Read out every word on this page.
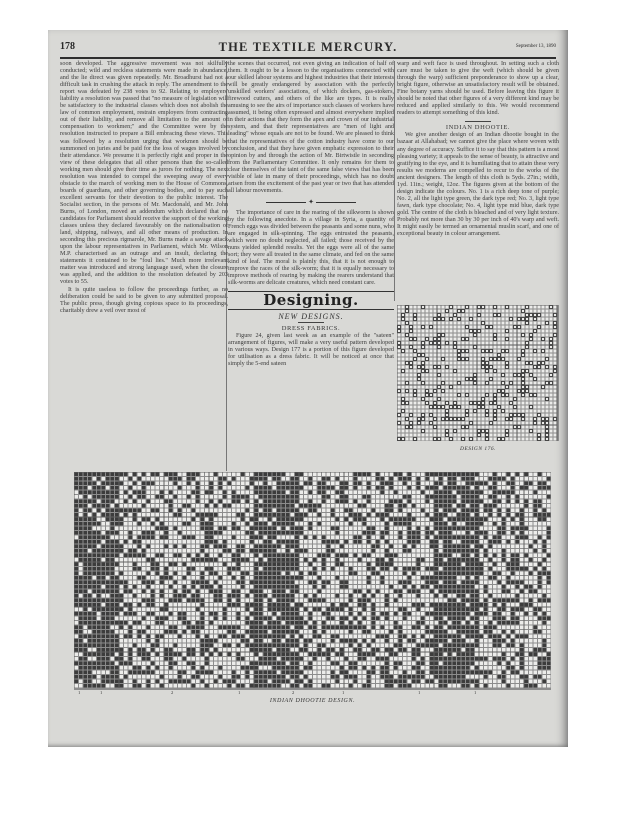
178	THE TEXTILE MERCURY.	September 13, 1890

soon developed. The aggressive movement was not skilfully conducted; wild and reckless statements were made in abundance, and the lie direct was given repeatedly. Mr. Broadhurst had not a difficult task in crushing the attack in reply. The amendment to the report was defeated by 238 votes to 92. Relating to employers' liability a resolution was passed that "no measure of legislation will be satisfactory to the industrial classes which does not abolish the law of common employment, restrain employers from contracting out of their liability, and remove all limitation to the amount of compensation to workmen;" and the Committee were by the resolution instructed to prepare a Bill embracing these views. This was followed by a resolution urging that workmen should be summoned on juries and be paid for the loss of wages involved by their attendance. We presume it is perfectly right and proper in the view of these delegates that all other persons than the so-called working men should give their time as jurors for nothing. The next resolution was intended to compel the sweeping away of every obstacle to the march of working men to the House of Commons, boards of guardians, and other governing bodies, and to pay such excellent servants for their devotion to the public interest. The Socialist section, in the persons of Mr. Macdonald, and Mr. John Burns, of London, moved an addendum which declared that no candidates for Parliament should receive the support of the working classes unless they declared favourably on the nationalisation of land, shipping, railways, and all other means of production. In seconding this precious rigmarole, Mr. Burns made a savage attack upon the labour representatives in Parliament, which Mr. Wilson M.P. characterised as an outrage and an insult, declaring the statements it contained to be "foul lies." Much more irrelevant matter was introduced and strong language used, when the closure was applied, and the addition to the resolution defeated by 203 votes to 55.

It is quite useless to follow the proceedings further, as no deliberation could be said to be given to any submitted proposal. The public press, though giving copious space to its proceedings, charitably drew a veil over most of

the scenes that occurred, not even giving an indication of half of them. It ought to be a lesson to the organisations connected with our skilled labour systems and highest industries that their interests will be greatly endangered by association with the perfectly unskilled workers' associations, of which dockers, gas-stokers, firewood cutters, and others of the like are types. It is really amusing to see the airs of importance such classes of workers have assumed, it being often expressed and almost everywhere implied in their actions that they form the apex and crown of our industrial system, and that their representatives are "men of light and leading" whose equals are not to be found. We are pleased to think that the representatives of the cotton industry have come to our conclusion, and that they have given emphatic expression to their opinion by and through the action of Mr. Birtwistle in seconding from the Parliamentary Committee. It only remains for them to clear themselves of the taint of the same false views that has been visible of late in many of their proceedings, which has no doubt arisen from the excitement of the past year or two that has attended all labour movements.

✦

The importance of care in the rearing of the silkworm is shown by the following anecdote. In a village in Syria, a quantity of French eggs was divided between the peasants and some nuns, who are engaged in silk-spinning. The eggs entrusted the peasants, which were no doubt neglected, all failed; those received by the nuns yielded splendid results. Yet the eggs were all of the same sort; they were all treated in the same climate, and fed on the same kind of leaf. The moral is plainly this, that it is not enough to improve the races of the silk-worm; that it is equally necessary to improve methods of rearing by making the rearers understand that silk-worms are delicate creatures, which need constant care.

Designing.
NEW DESIGNS.
DRESS FABRICS.

Figure 24, given last week as an example of the "sateen" arrangement of figures, will make a very useful pattern developed in various ways. Design 177 is a portion of this figure developed for utilisation as a dress fabric. It will be noticed at once that simply the 5-end sateen

warp and weft face is used throughout. In setting such a cloth care must be taken to give the weft (which should be given through the warp) sufficient preponderance to show up a clear, bright figure, otherwise an unsatisfactory result will be obtained. Fine botany yarns should be used. Before leaving this figure it should be noted that other figures of a very different kind may be reduced and applied similarly to this. We would recommend readers to attempt something of this kind.

INDIAN DHOOTIE.

We give another design of an Indian dhootie bought in the bazaar at Allahabad; we cannot give the place where woven with any degree of accuracy. Suffice it to say that this pattern is a most pleasing variety; it appeals to the sense of beauty, is attractive and gratifying to the eye, and it is humiliating that to attain these very results we moderns are compelled to recur to the works of the ancient designers. The length of this cloth is 5yds. 27in.; width, 1yd. 11in.; weight, 12oz. The figures given at the bottom of the design indicate the colours. No. 1 is a rich deep tone of purple; No. 2, all the light type green, the dark type red; No. 3, light type fawn, dark type chocolate; No. 4, light type mid blue, dark type gold. The centre of the cloth is bleached and of very light texture. Probably not more than 30 by 30 per inch of 40's warp and weft. It might easily be termed an ornamental muslin scarf, and one of exceptional beauty in colour arrangement.

DESIGN 176.
1	1	2	1	2	1	1	1
INDIAN DHOOTIE DESIGN.
